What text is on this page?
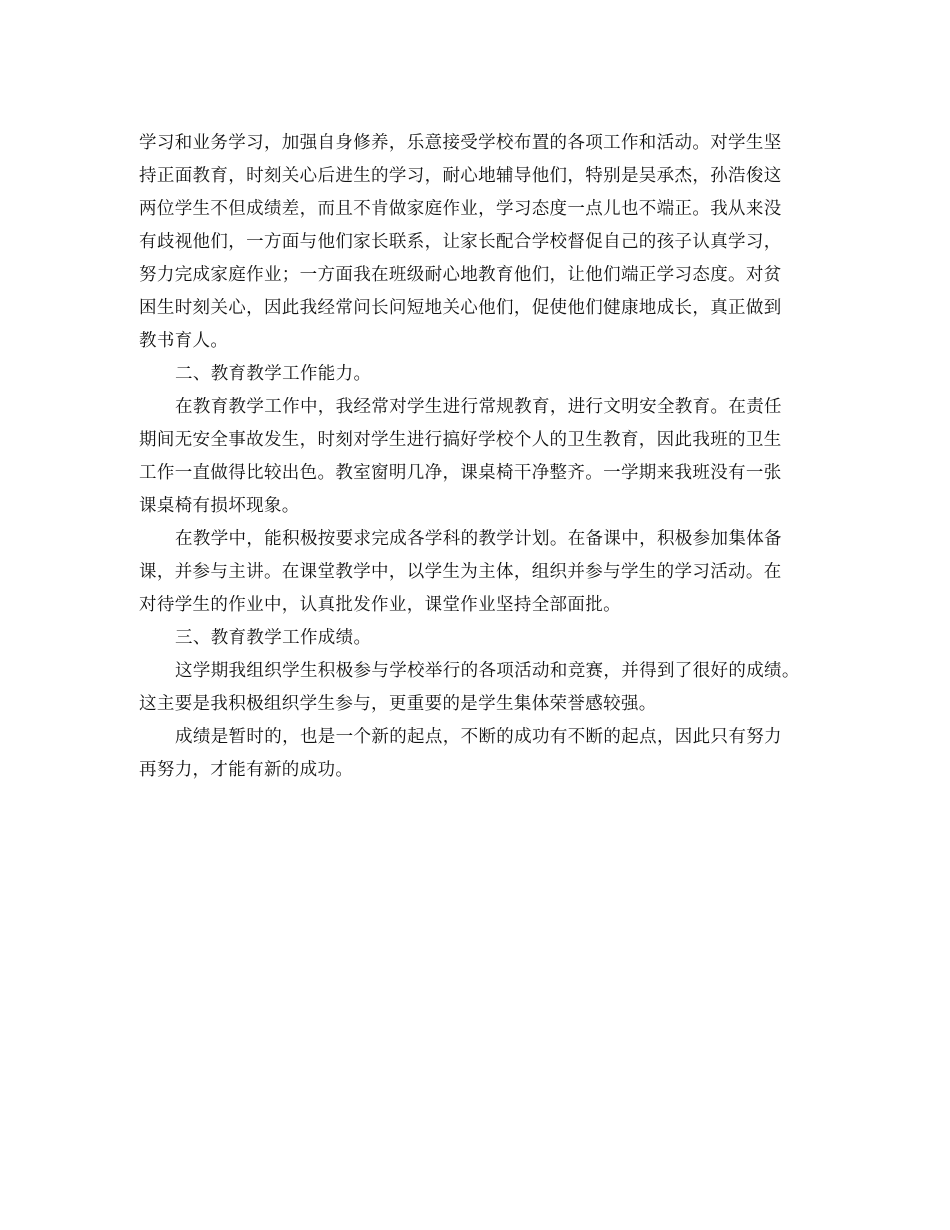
学习和业务学习，加强自身修养，乐意接受学校布置的各项工作和活动。对学生坚
持正面教育，时刻关心后进生的学习，耐心地辅导他们，特别是吴承杰，孙浩俊这
两位学生不但成绩差，而且不肯做家庭作业，学习态度一点儿也不端正。我从来没
有歧视他们，一方面与他们家长联系，让家长配合学校督促自己的孩子认真学习，
努力完成家庭作业；一方面我在班级耐心地教育他们，让他们端正学习态度。对贫
困生时刻关心，因此我经常问长问短地关心他们，促使他们健康地成长，真正做到
教书育人。
二、教育教学工作能力。
在教育教学工作中，我经常对学生进行常规教育，进行文明安全教育。在责任
期间无安全事故发生，时刻对学生进行搞好学校个人的卫生教育，因此我班的卫生
工作一直做得比较出色。教室窗明几净，课桌椅干净整齐。一学期来我班没有一张
课桌椅有损坏现象。
在教学中，能积极按要求完成各学科的教学计划。在备课中，积极参加集体备
课，并参与主讲。在课堂教学中，以学生为主体，组织并参与学生的学习活动。在
对待学生的作业中，认真批发作业，课堂作业坚持全部面批。
三、教育教学工作成绩。
这学期我组织学生积极参与学校举行的各项活动和竞赛，并得到了很好的成绩。
这主要是我积极组织学生参与，更重要的是学生集体荣誉感较强。
成绩是暂时的，也是一个新的起点，不断的成功有不断的起点，因此只有努力
再努力，才能有新的成功。
